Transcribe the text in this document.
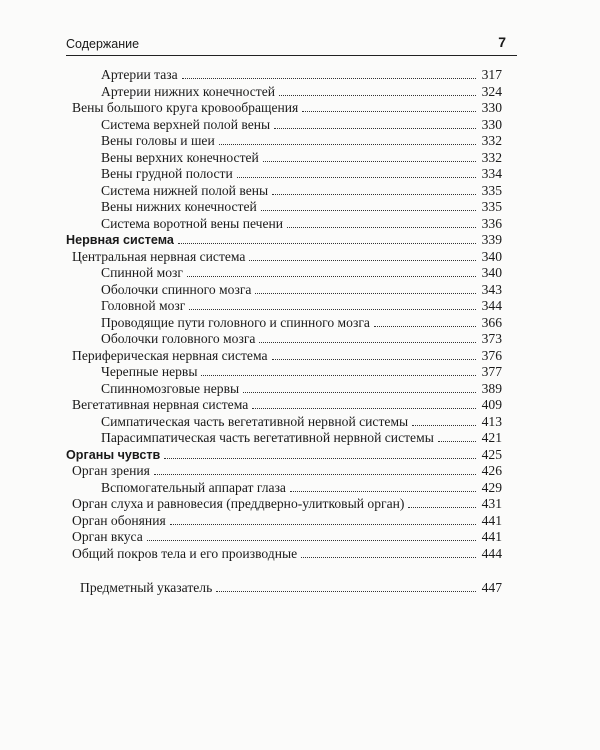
Содержание	7
Артерии таза	317
Артерии нижних конечностей	324
Вены большого круга кровообращения	330
Система верхней полой вены	330
Вены головы и шеи	332
Вены верхних конечностей	332
Вены грудной полости	334
Система нижней полой вены	335
Вены нижних конечностей	335
Система воротной вены печени	336
Нервная система	339
Центральная нервная система	340
Спинной мозг	340
Оболочки спинного мозга	343
Головной мозг	344
Проводящие пути головного и спинного мозга	366
Оболочки головного мозга	373
Периферическая нервная система	376
Черепные нервы	377
Спинномозговые нервы	389
Вегетативная нервная система	409
Симпатическая часть вегетативной нервной системы	413
Парасимпатическая часть вегетативной нервной системы	421
Органы чувств	425
Орган зрения	426
Вспомогательный аппарат глаза	429
Орган слуха и равновесия (преддверно-улитковый орган)	431
Орган обоняния	441
Орган вкуса	441
Общий покров тела и его производные	444
Предметный указатель	447
